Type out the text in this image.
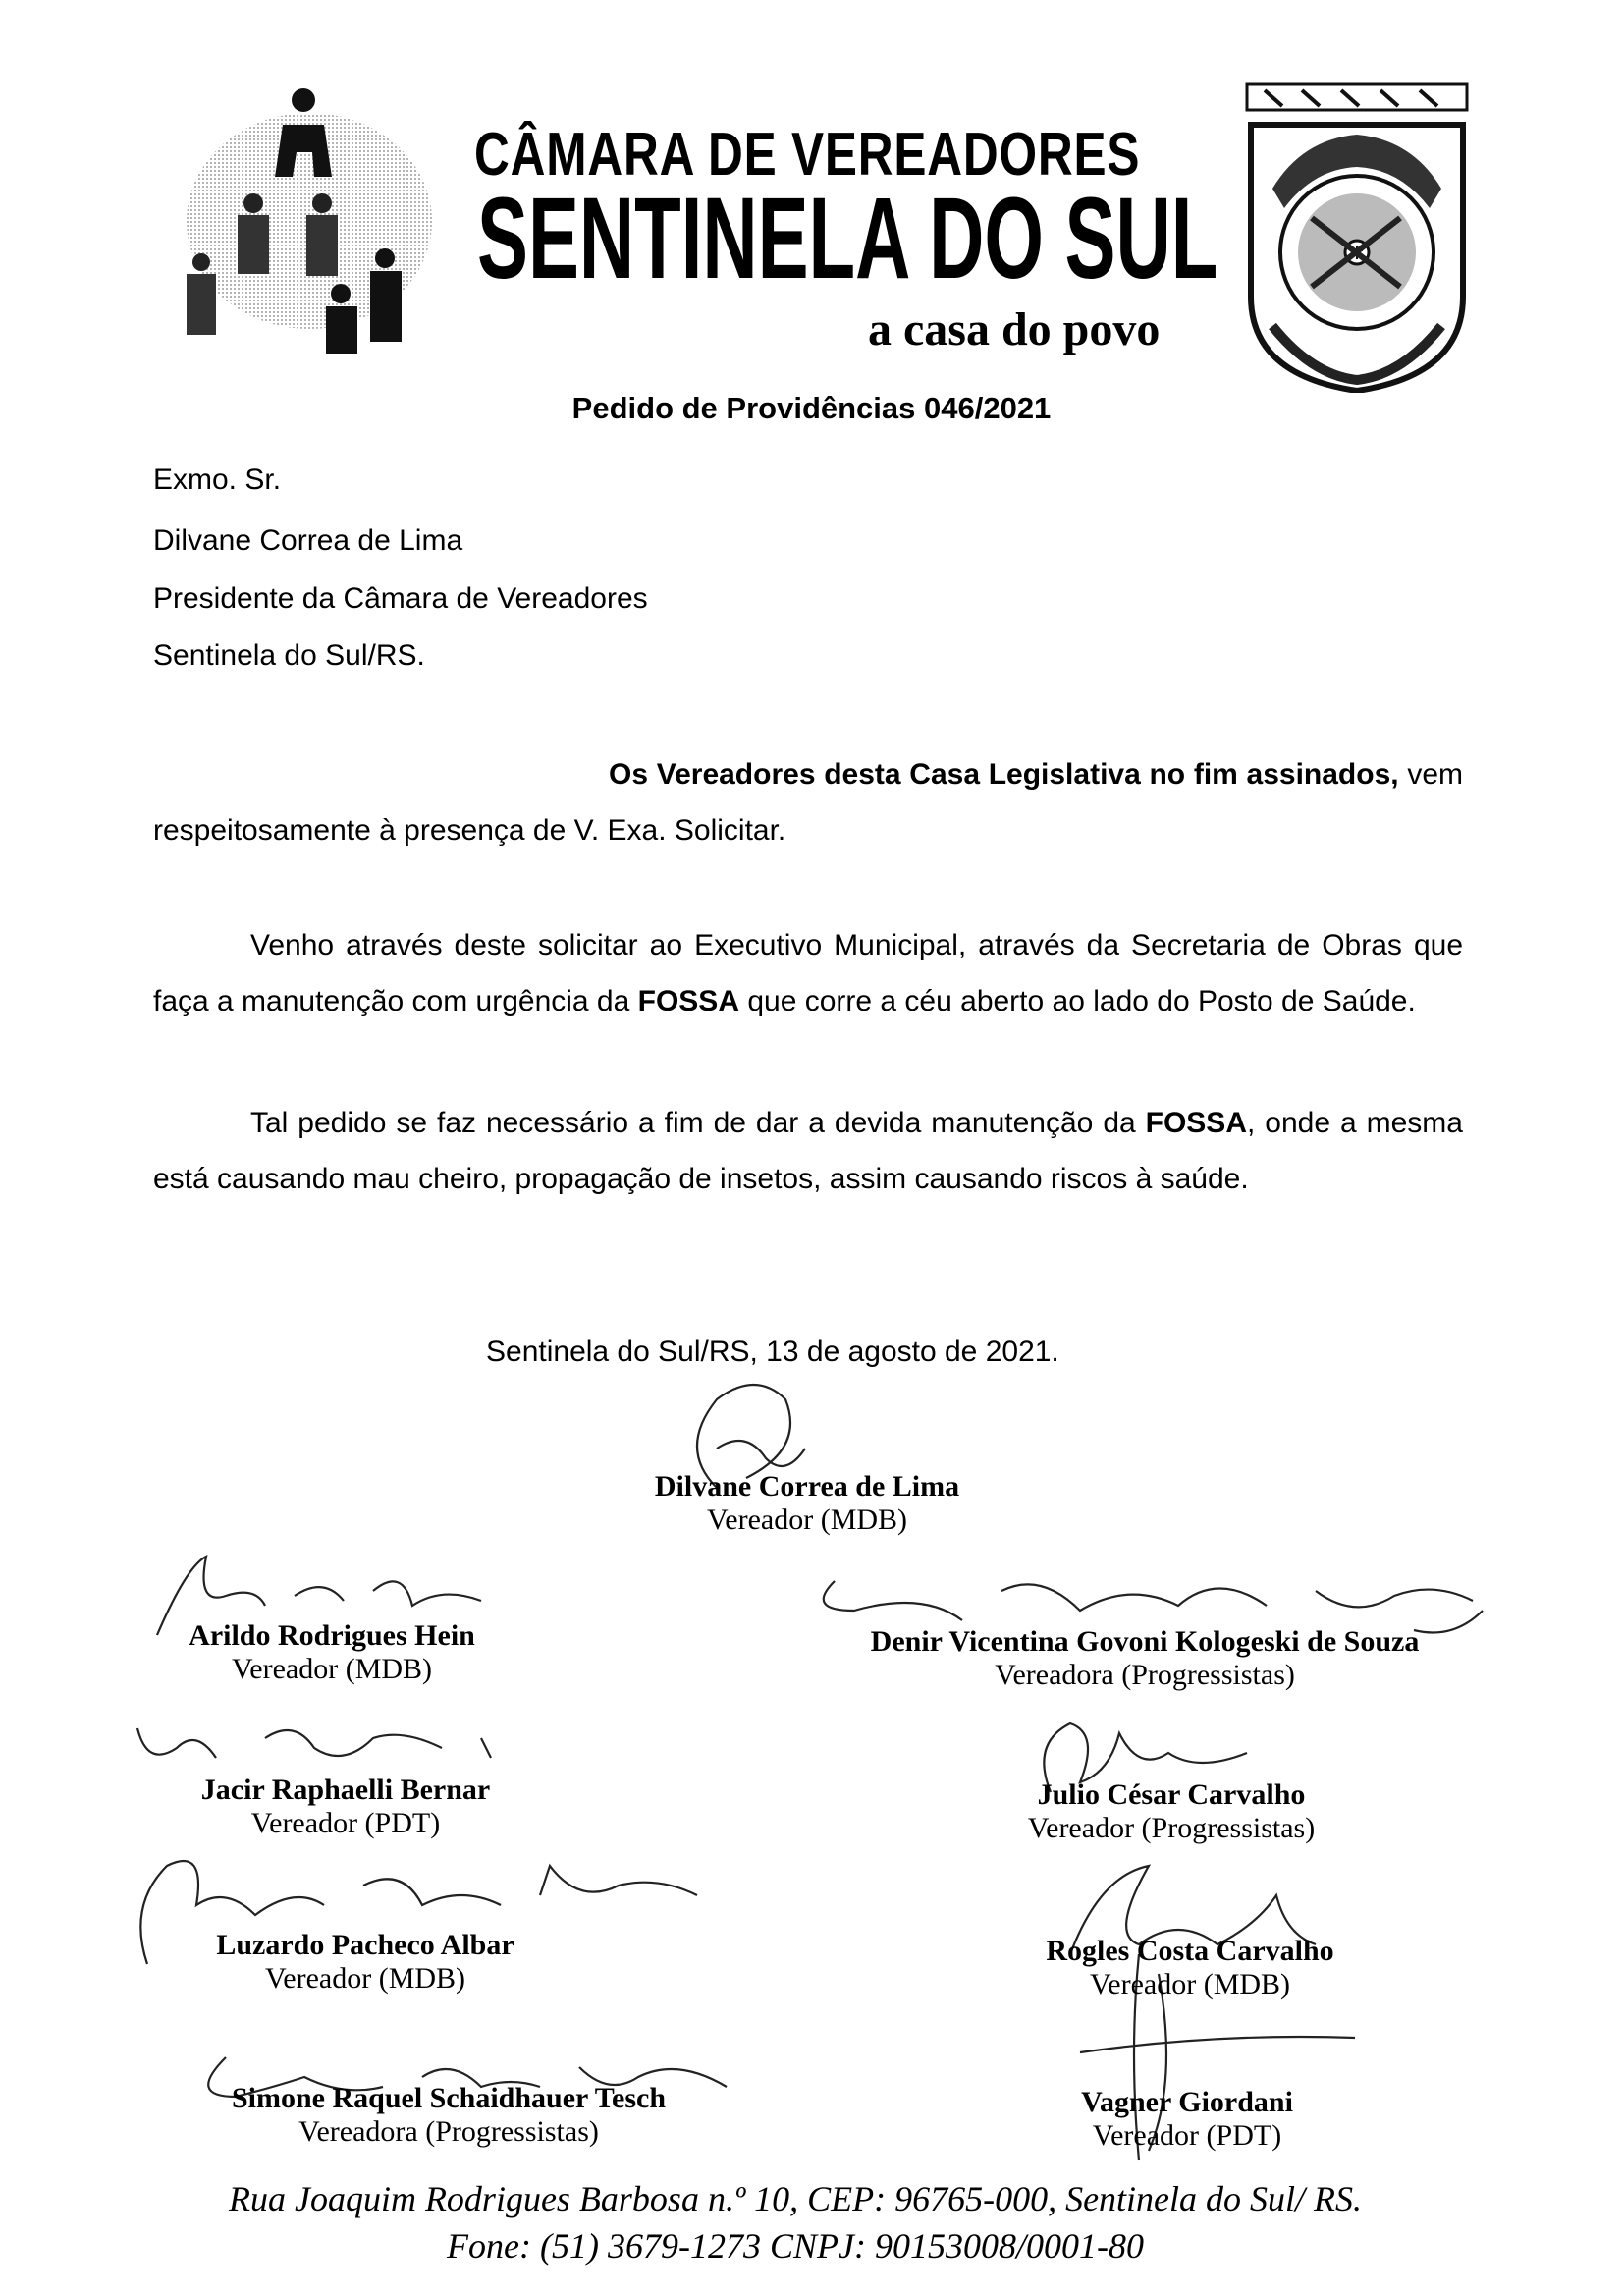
CÂMARA DE VEREADORES
SENTINELA DO SUL
a casa do povo
Pedido de Providências 046/2021
Exmo. Sr.
Dilvane Correa de Lima
Presidente da Câmara de Vereadores
Sentinela do Sul/RS.
Os Vereadores desta Casa Legislativa no fim assinados, vem respeitosamente à presença de V. Exa. Solicitar.
Venho através deste solicitar ao Executivo Municipal, através da Secretaria de Obras que faça a manutenção com urgência da FOSSA que corre a céu aberto ao lado do Posto de Saúde.
Tal pedido se faz necessário a fim de dar a devida manutenção da FOSSA, onde a mesma está causando mau cheiro, propagação de insetos, assim causando riscos à saúde.
Sentinela do Sul/RS, 13 de agosto de 2021.
Dilvane Correa de Lima
Vereador (MDB)
Arildo Rodrigues Hein
Vereador (MDB)
Denir Vicentina Govoni Kologeski de Souza
Vereadora (Progressistas)
Jacir Raphaelli Bernar
Vereador (PDT)
Julio César Carvalho
Vereador (Progressistas)
Luzardo Pacheco Albar
Vereador (MDB)
Rogles Costa Carvalho
Vereador (MDB)
Simone Raquel Schaidhauer Tesch
Vereadora (Progressistas)
Vagner Giordani
Vereador (PDT)
Rua Joaquim Rodrigues Barbosa n.º 10, CEP: 96765-000, Sentinela do Sul/ RS.
Fone: (51) 3679-1273 CNPJ: 90153008/0001-80
